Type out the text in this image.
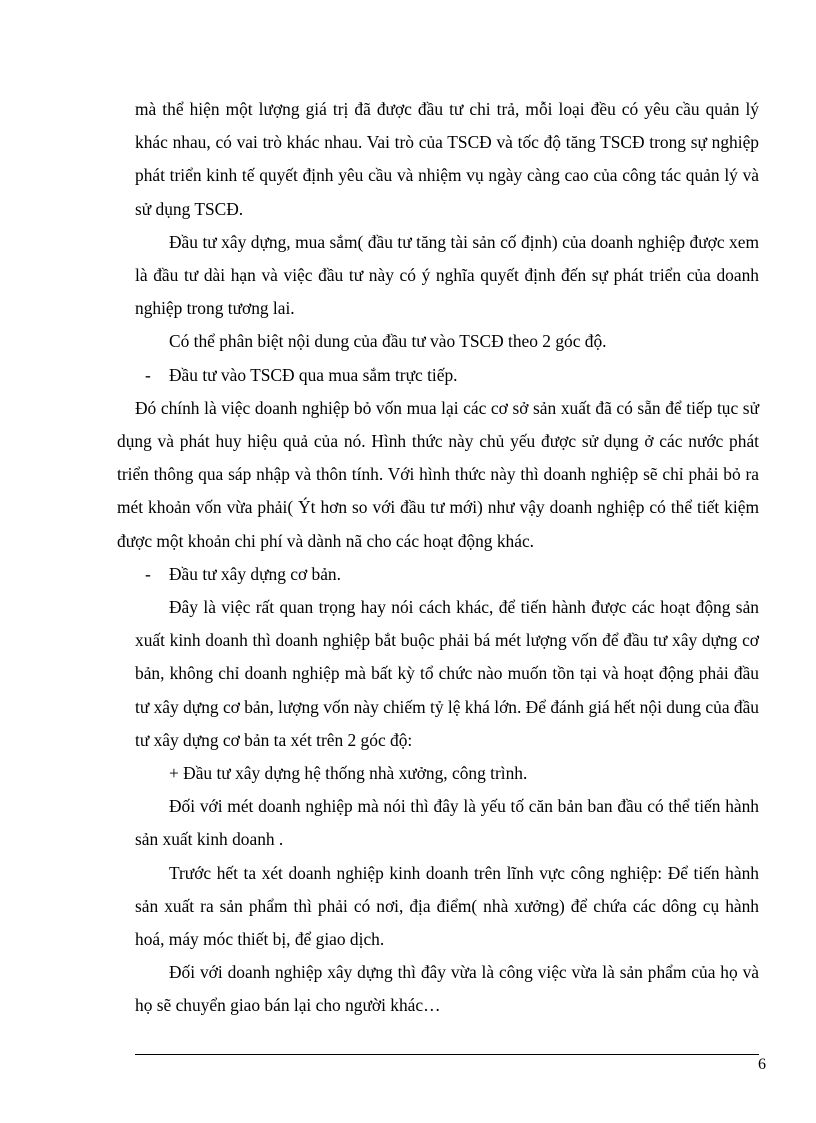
mà thể hiện một lượng giá trị đã được đầu tư chi trả, mỗi loại đều có yêu cầu quản lý khác nhau, có vai trò khác nhau. Vai trò của TSCĐ và tốc độ tăng TSCĐ trong sự nghiệp phát triển kinh tế quyết định yêu cầu và nhiệm vụ ngày càng cao của công tác quản lý và sử dụng TSCĐ.

Đầu tư xây dựng, mua sắm( đầu tư tăng tài sản cố định) của doanh nghiệp được xem là đầu tư dài hạn và việc đầu tư này có ý nghĩa quyết định đến sự phát triển của doanh nghiệp trong tương lai.

Có thể phân biệt nội dung của đầu tư vào TSCĐ theo 2 góc độ.

- Đầu tư vào TSCĐ qua mua sắm trực tiếp.

Đó chính là việc doanh nghiệp bỏ vốn mua lại các cơ sở sản xuất đã có sẵn để tiếp tục sử dụng và phát huy hiệu quả của nó. Hình thức này chủ yếu được sử dụng ở các nước phát triển thông qua sáp nhập và thôn tính. Với hình thức này thì doanh nghiệp sẽ chỉ phải bỏ ra mét khoản vốn vừa phải( Ýt hơn so với đầu tư mới) như vậy doanh nghiệp có thể tiết kiệm được một khoản chi phí và dành nã cho các hoạt động khác.

- Đầu tư xây dựng cơ bản.

Đây là việc rất quan trọng hay nói cách khác, để tiến hành được các hoạt động sản xuất kinh doanh thì doanh nghiệp bắt buộc phải bá mét lượng vốn để đầu tư xây dựng cơ bản, không chỉ doanh nghiệp mà bất kỳ tổ chức nào muốn tồn tại và hoạt động phải đầu tư xây dựng cơ bản, lượng vốn này chiếm tỷ lệ khá lớn. Để đánh giá hết nội dung của đầu tư xây dựng cơ bản ta xét trên 2 góc độ:

+ Đầu tư xây dựng hệ thống nhà xưởng, công trình.

Đối với mét doanh nghiệp mà nói thì đây là yếu tố căn bản ban đầu có thể tiến hành sản xuất kinh doanh .

Trước hết ta xét doanh nghiệp kinh doanh trên lĩnh vực công nghiệp: Để tiến hành sản xuất ra sản phẩm thì phải có nơi, địa điểm( nhà xưởng) để chứa các dông cụ hành hoá, máy móc thiết bị, để giao dịch.

Đối với doanh nghiệp xây dựng thì đây vừa là công việc vừa là sản phẩm của họ và họ sẽ chuyển giao bán lại cho người khác…

6
